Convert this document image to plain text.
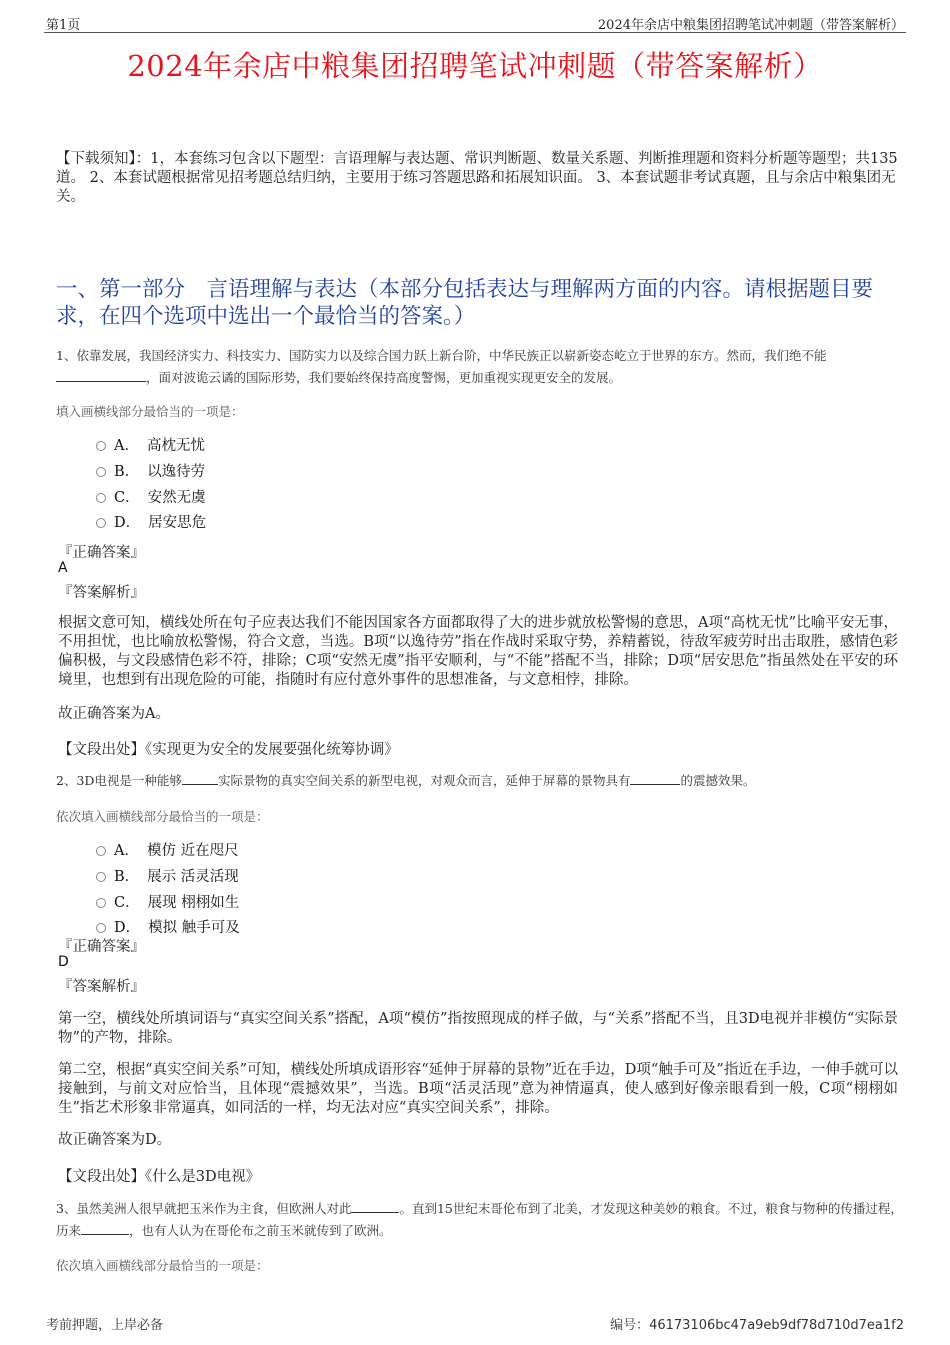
第1页	2024年余店中粮集团招聘笔试冲刺题（带答案解析）
2024年余店中粮集团招聘笔试冲刺题（带答案解析）
【下载须知】：1，本套练习包含以下题型：言语理解与表达题、常识判断题、数量关系题、判断推理题和资料分析题等题型；共135道。 2、本套试题根据常见招考题总结归纳，主要用于练习答题思路和拓展知识面。 3、本套试题非考试真题，且与余店中粮集团无关。
一、第一部分　言语理解与表达（本部分包括表达与理解两方面的内容。请根据题目要求，在四个选项中选出一个最恰当的答案。）
1、依靠发展，我国经济实力、科技实力、国防实力以及综合国力跃上新台阶，中华民族正以崭新姿态屹立于世界的东方。然而，我们绝不能
，面对波诡云谲的国际形势，我们要始终保持高度警惕，更加重视实现更安全的发展。
填入画横线部分最恰当的一项是：
A． 高枕无忧
B． 以逸待劳
C． 安然无虞
D． 居安思危
『正确答案』
A
『答案解析』
根据文意可知，横线处所在句子应表达我们不能因国家各方面都取得了大的进步就放松警惕的意思，A项“高枕无忧”比喻平安无事，不用担忧，也比喻放松警惕，符合文意，当选。B项“以逸待劳”指在作战时采取守势，养精蓄锐，待敌军疲劳时出击取胜，感情色彩偏积极，与文段感情色彩不符，排除；C项“安然无虞”指平安顺利，与“不能”搭配不当，排除；D项“居安思危”指虽然处在平安的环境里，也想到有出现危险的可能，指随时有应付意外事件的思想准备，与文意相悖，排除。
故正确答案为A。
【文段出处】《实现更为安全的发展要强化统筹协调》
2、3D电视是一种能够	实际景物的真实空间关系的新型电视，对观众而言，延伸于屏幕的景物具有	的震撼效果。
依次填入画横线部分最恰当的一项是：
A． 模仿 近在咫尺
B． 展示 活灵活现
C． 展现 栩栩如生
D． 模拟 触手可及
『正确答案』
D
『答案解析』
第一空，横线处所填词语与“真实空间关系”搭配，A项“模仿”指按照现成的样子做，与“关系”搭配不当，且3D电视并非模仿“实际景物”的产物，排除。
第二空，根据“真实空间关系”可知，横线处所填成语形容“延伸于屏幕的景物”近在手边，D项“触手可及”指近在手边，一伸手就可以接触到，与前文对应恰当，且体现“震撼效果”，当选。B项“活灵活现”意为神情逼真，使人感到好像亲眼看到一般，C项“栩栩如生”指艺术形象非常逼真，如同活的一样，均无法对应“真实空间关系”，排除。
故正确答案为D。
【文段出处】《什么是3D电视》
3、虽然美洲人很早就把玉米作为主食，但欧洲人对此	。直到15世纪末哥伦布到了北美，才发现这种美妙的粮食。不过，粮食与物种的传播过程，历来	，也有人认为在哥伦布之前玉米就传到了欧洲。
依次填入画横线部分最恰当的一项是：
考前押题，上岸必备	编号：46173106bc47a9eb9df78d710d7ea1f2
